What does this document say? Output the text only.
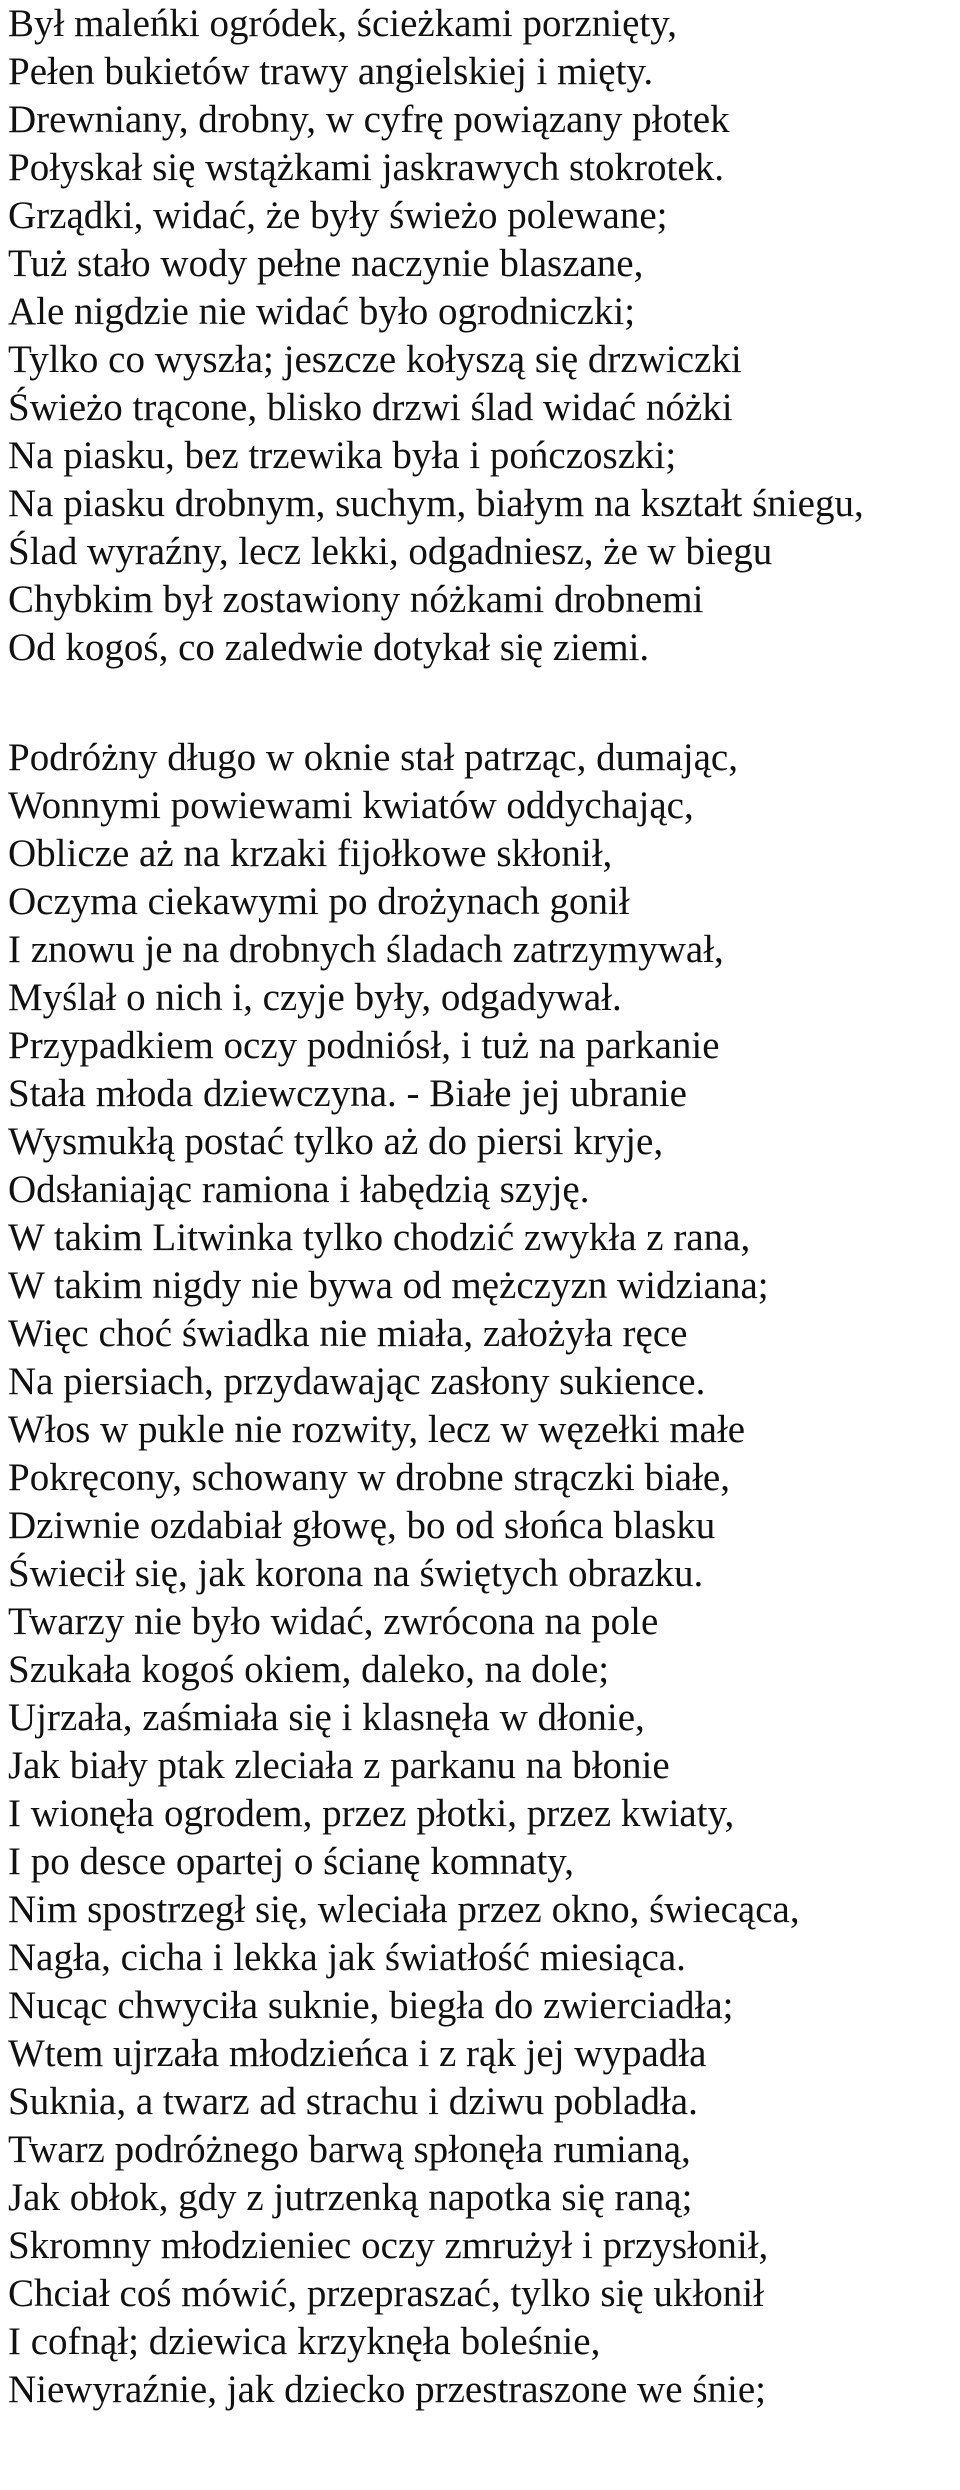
Był maleńki ogródek, ścieżkami porznięty,

Pełen bukietów trawy angielskiej i mięty.

Drewniany, drobny, w cyfrę powiązany płotek

Połyskał się wstążkami jaskrawych stokrotek.

Grządki, widać, że były świeżo polewane;

Tuż stało wody pełne naczynie blaszane,

Ale nigdzie nie widać było ogrodniczki;

Tylko co wyszła; jeszcze kołyszą się drzwiczki

Świeżo trącone, blisko drzwi ślad widać nóżki

Na piasku, bez trzewika była i pończoszki;

Na piasku drobnym, suchym, białym na kształt śniegu,

Ślad wyraźny, lecz lekki, odgadniesz, że w biegu

Chybkim był zostawiony nóżkami drobnemi

Od kogoś, co zaledwie dotykał się ziemi.

Podróżny długo w oknie stał patrząc, dumając,

Wonnymi powiewami kwiatów oddychając,

Oblicze aż na krzaki fijołkowe skłonił,

Oczyma ciekawymi po drożynach gonił

I znowu je na drobnych śladach zatrzymywał,

Myślał o nich i, czyje były, odgadywał.

Przypadkiem oczy podniósł, i tuż na parkanie

Stała młoda dziewczyna. - Białe jej ubranie

Wysmukłą postać tylko aż do piersi kryje,

Odsłaniając ramiona i łabędzią szyję.

W takim Litwinka tylko chodzić zwykła z rana,

W takim nigdy nie bywa od mężczyzn widziana;

Więc choć świadka nie miała, założyła ręce

Na piersiach, przydawając zasłony sukience.

Włos w pukle nie rozwity, lecz w węzełki małe

Pokręcony, schowany w drobne strączki białe,

Dziwnie ozdabiał głowę, bo od słońca blasku

Świecił się, jak korona na świętych obrazku.

Twarzy nie było widać, zwrócona na pole

Szukała kogoś okiem, daleko, na dole;

Ujrzała, zaśmiała się i klasnęła w dłonie,

Jak biały ptak zleciała z parkanu na błonie

I wionęła ogrodem, przez płotki, przez kwiaty,

I po desce opartej o ścianę komnaty,

Nim spostrzegł się, wleciała przez okno, świecąca,

Nagła, cicha i lekka jak światłość miesiąca.

Nucąc chwyciła suknie, biegła do zwierciadła;

Wtem ujrzała młodzieńca i z rąk jej wypadła

Suknia, a twarz ad strachu i dziwu pobladła.

Twarz podróżnego barwą spłonęła rumianą,

Jak obłok, gdy z jutrzenką napotka się raną;

Skromny młodzieniec oczy zmrużył i przysłonił,

Chciał coś mówić, przepraszać, tylko się ukłonił

I cofnął; dziewica krzyknęła boleśnie,

Niewyraźnie, jak dziecko przestraszone we śnie;
